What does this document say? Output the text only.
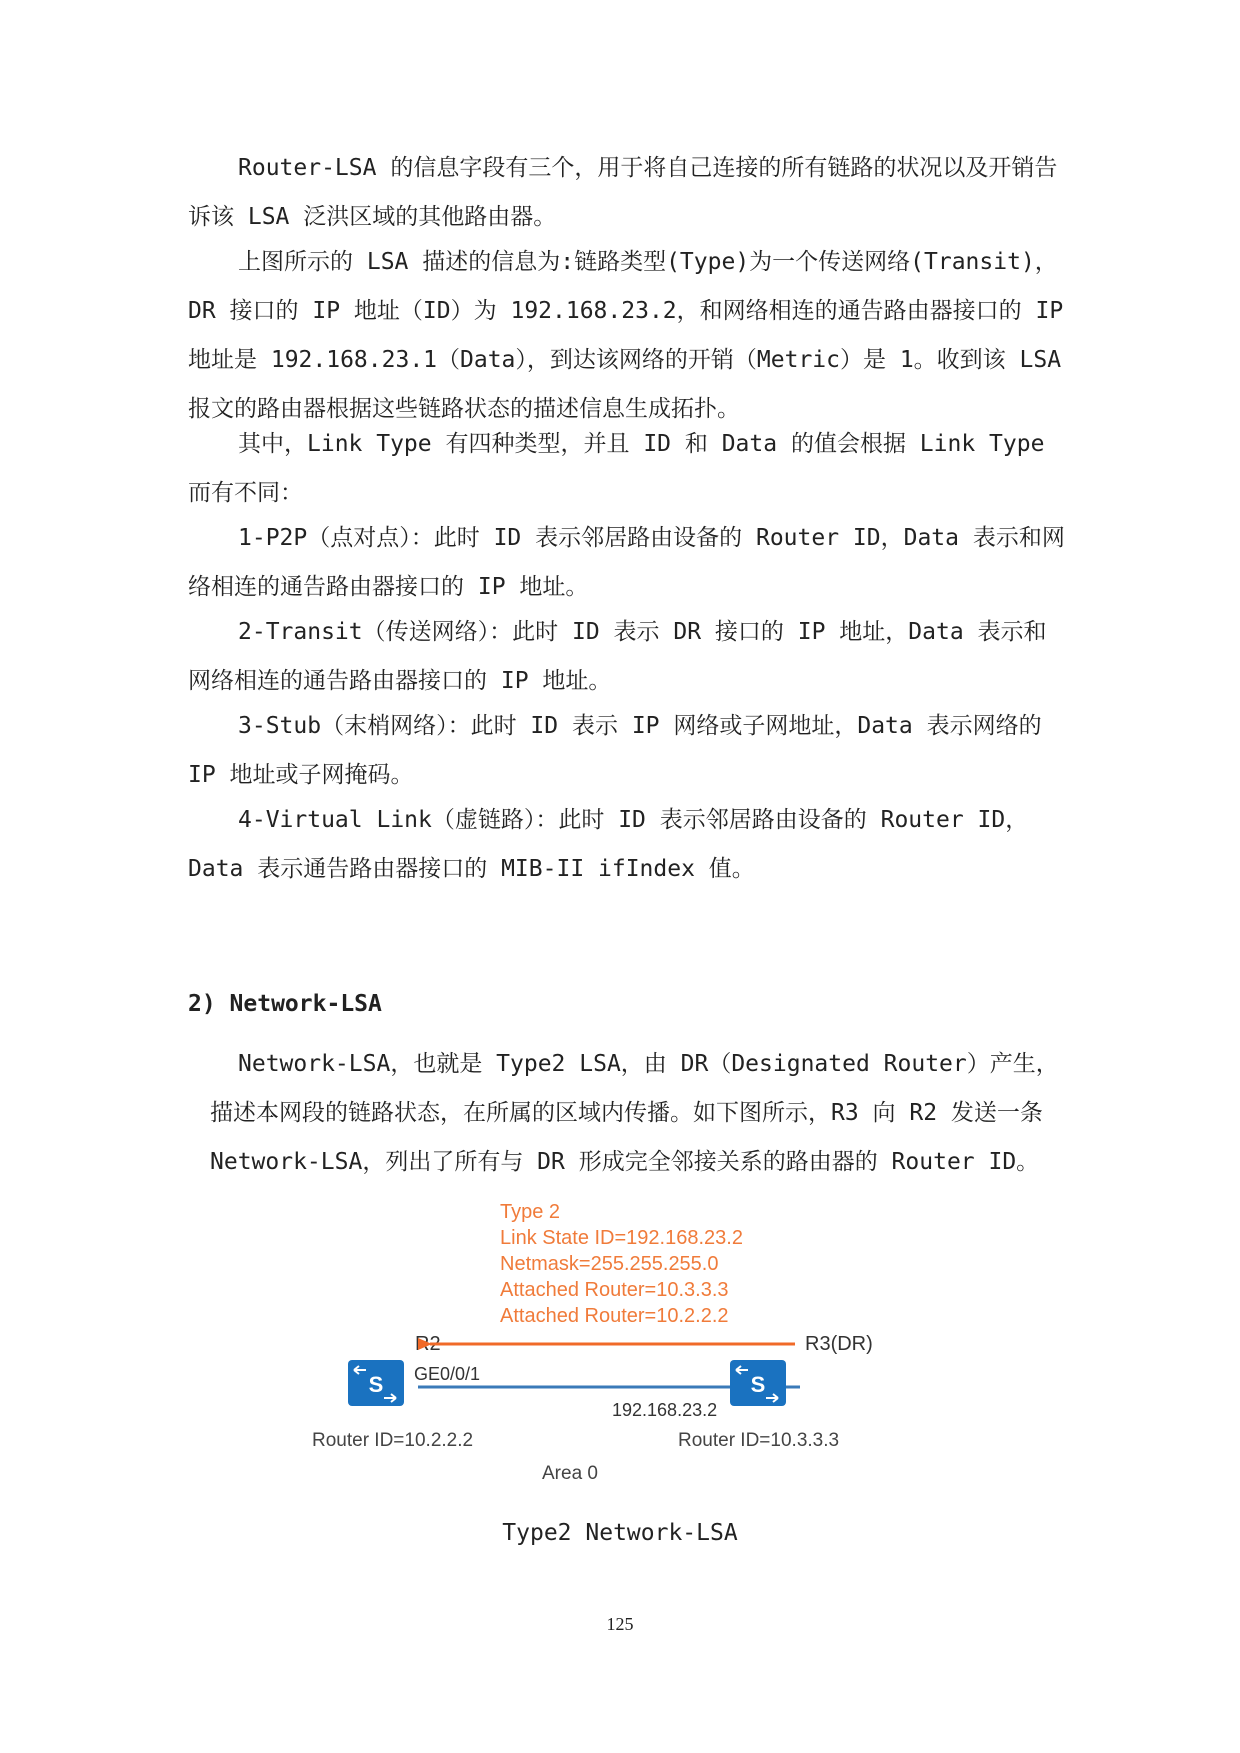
Router-LSA 的信息字段有三个，用于将自己连接的所有链路的状况以及开销告诉该 LSA 泛洪区域的其他路由器。

上图所示的 LSA 描述的信息为:链路类型(Type)为一个传送网络(Transit)，DR 接口的 IP 地址（ID）为 192.168.23.2，和网络相连的通告路由器接口的 IP 地址是 192.168.23.1（Data），到达该网络的开销（Metric）是 1。收到该 LSA 报文的路由器根据这些链路状态的描述信息生成拓扑。

其中，Link Type 有四种类型，并且 ID 和 Data 的值会根据 Link Type 而有不同：

1-P2P（点对点）：此时 ID 表示邻居路由设备的 Router ID，Data 表示和网络相连的通告路由器接口的 IP 地址。

2-Transit（传送网络）：此时 ID 表示 DR 接口的 IP 地址，Data 表示和网络相连的通告路由器接口的 IP 地址。

3-Stub（末梢网络）：此时 ID 表示 IP 网络或子网地址，Data 表示网络的 IP 地址或子网掩码。

4-Virtual Link（虚链路）：此时 ID 表示邻居路由设备的 Router ID，Data 表示通告路由器接口的 MIB-II ifIndex 值。

2) Network-LSA

Network-LSA，也就是 Type2 LSA，由 DR（Designated Router）产生，描述本网段的链路状态，在所属的区域内传播。如下图所示，R3 向 R2 发送一条 Network-LSA，列出了所有与 DR 形成完全邻接关系的路由器的 Router ID。

Type 2
Link State ID=192.168.23.2
Netmask=255.255.255.0
Attached Router=10.3.3.3
Attached Router=10.2.2.2
R2	R3(DR)
S	S
GE0/0/1
192.168.23.2
Router ID=10.2.2.2	Router ID=10.3.3.3
Area 0
Type2 Network-LSA
125
